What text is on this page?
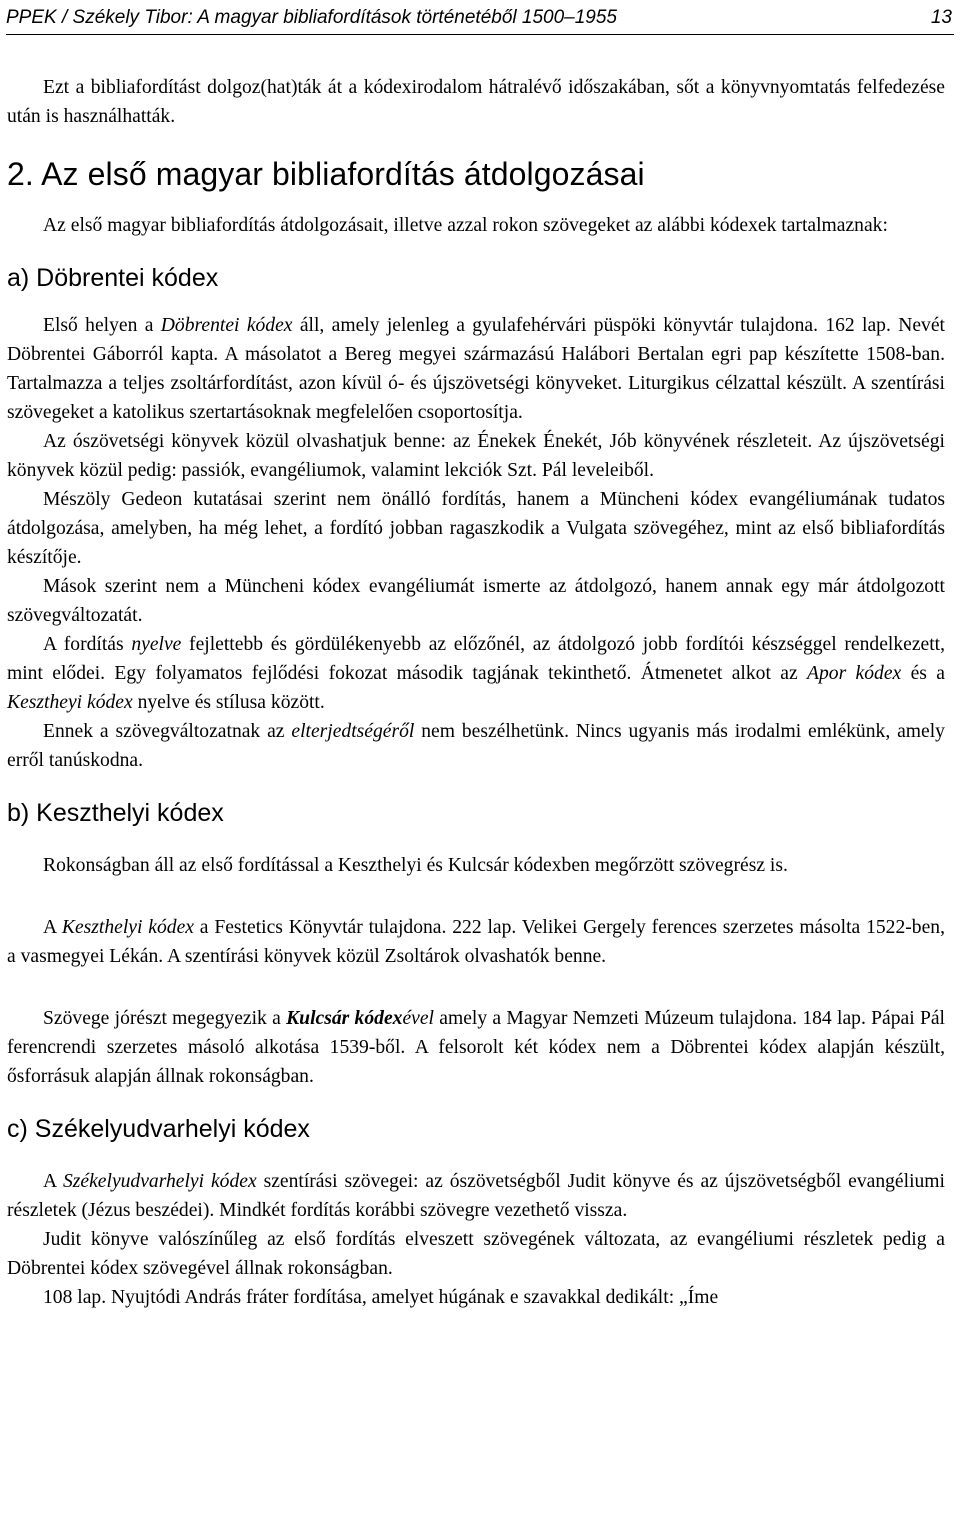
PPEK / Székely Tibor: A magyar bibliafordítások történetéből 1500–1955	13

Ezt a bibliafordítást dolgoz(hat)ták át a kódexirodalom hátralévő időszakában, sőt a könyvnyomtatás felfedezése után is használhatták.

2. Az első magyar bibliafordítás átdolgozásai

Az első magyar bibliafordítás átdolgozásait, illetve azzal rokon szövegeket az alábbi kódexek tartalmaznak:

a) Döbrentei kódex

Első helyen a Döbrentei kódex áll, amely jelenleg a gyulafehérvári püspöki könyvtár tulajdona. 162 lap. Nevét Döbrentei Gáborról kapta. A másolatot a Bereg megyei származású Halábori Bertalan egri pap készítette 1508-ban. Tartalmazza a teljes zsoltárfordítást, azon kívül ó- és újszövetségi könyveket. Liturgikus célzattal készült. A szentírási szövegeket a katolikus szertartásoknak megfelelően csoportosítja.

Az ószövetségi könyvek közül olvashatjuk benne: az Énekek Énekét, Jób könyvének részleteit. Az újszövetségi könyvek közül pedig: passiók, evangéliumok, valamint lekciók Szt. Pál leveleiből.

Mészöly Gedeon kutatásai szerint nem önálló fordítás, hanem a Müncheni kódex evangéliumának tudatos átdolgozása, amelyben, ha még lehet, a fordító jobban ragaszkodik a Vulgata szövegéhez, mint az első bibliafordítás készítője.

Mások szerint nem a Müncheni kódex evangéliumát ismerte az átdolgozó, hanem annak egy már átdolgozott szövegváltozatát.

A fordítás nyelve fejlettebb és gördülékenyebb az előzőnél, az átdolgozó jobb fordítói készséggel rendelkezett, mint elődei. Egy folyamatos fejlődési fokozat második tagjának tekinthető. Átmenetet alkot az Apor kódex és a Kesztheyi kódex nyelve és stílusa között.

Ennek a szövegváltozatnak az elterjedtségéről nem beszélhetünk. Nincs ugyanis más irodalmi emlékünk, amely erről tanúskodna.

b) Keszthelyi kódex

Rokonságban áll az első fordítással a Keszthelyi és Kulcsár kódexben megőrzött szövegrész is.

A Keszthelyi kódex a Festetics Könyvtár tulajdona. 222 lap. Velikei Gergely ferences szerzetes másolta 1522-ben, a vasmegyei Lékán. A szentírási könyvek közül Zsoltárok olvashatók benne.

Szövege jórészt megegyezik a Kulcsár kódexével amely a Magyar Nemzeti Múzeum tulajdona. 184 lap. Pápai Pál ferencrendi szerzetes másoló alkotása 1539-ből. A felsorolt két kódex nem a Döbrentei kódex alapján készült, ősforrásuk alapján állnak rokonságban.

c) Székelyudvarhelyi kódex

A Székelyudvarhelyi kódex szentírási szövegei: az ószövetségből Judit könyve és az újszövetségből evangéliumi részletek (Jézus beszédei). Mindkét fordítás korábbi szövegre vezethető vissza.

Judit könyve valószínűleg az első fordítás elveszett szövegének változata, az evangéliumi részletek pedig a Döbrentei kódex szövegével állnak rokonságban.

108 lap. Nyujtódi András fráter fordítása, amelyet húgának e szavakkal dedikált: „Íme
